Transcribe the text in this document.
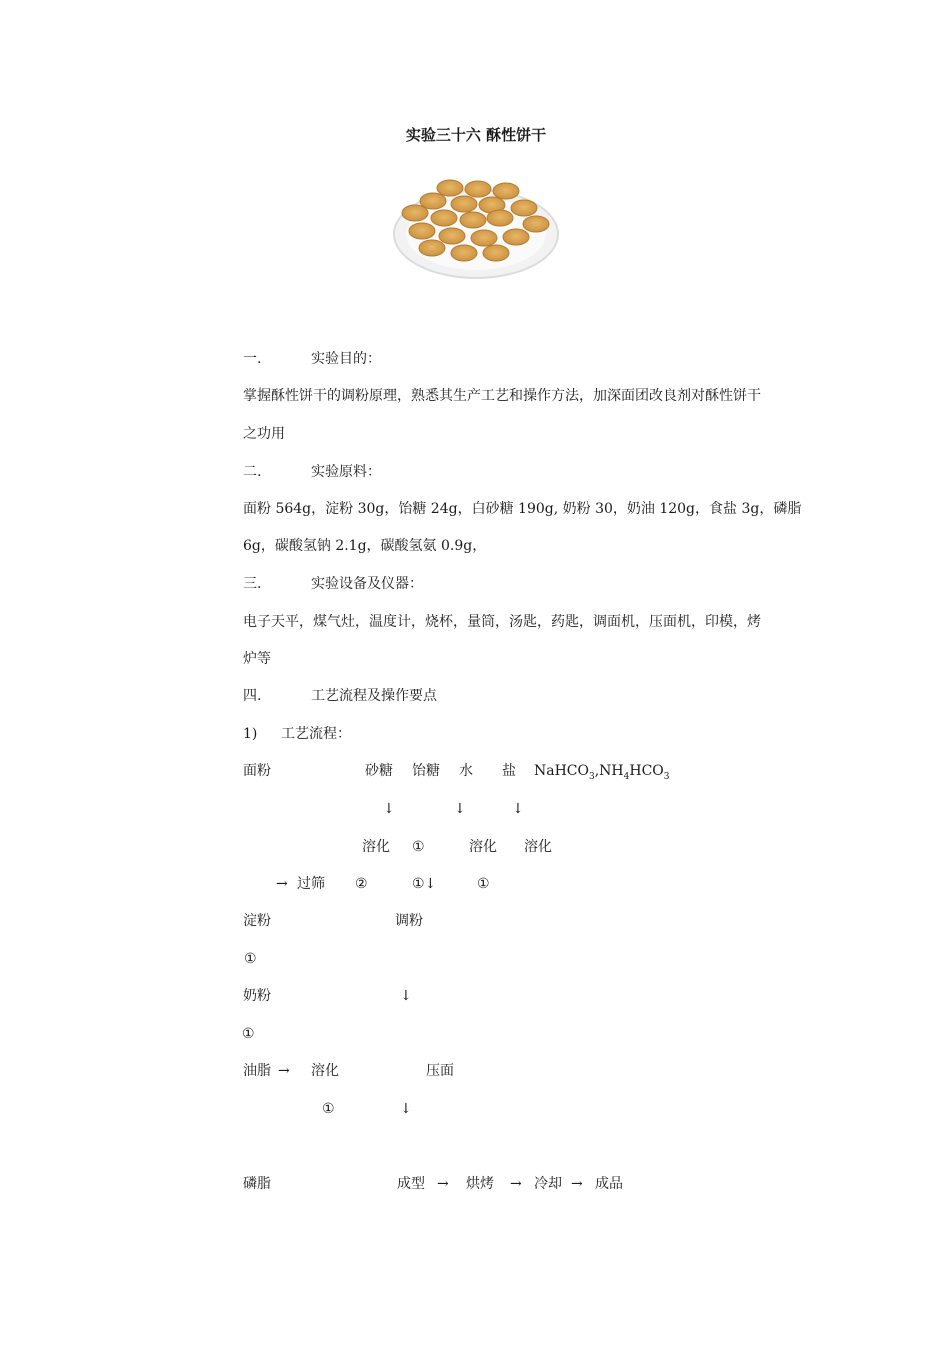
实验三十六 酥性饼干
一.	实验目的：
掌握酥性饼干的调粉原理，熟悉其生产工艺和操作方法，加深面团改良剂对酥性饼干
之功用
二.	实验原料：
面粉 564g，淀粉 30g，饴糖 24g，白砂糖 190g, 奶粉 30，奶油 120g，食盐 3g，磷脂
6g，碳酸氢钠 2.1g，碳酸氢氨 0.9g，
三.	实验设备及仪器：
电子天平，煤气灶，温度计，烧杯，量筒，汤匙，药匙，调面机，压面机，印模，烤
炉等
四.	工艺流程及操作要点
1) 工艺流程：
面粉	砂糖 饴糖 水 盐 $NaHCO_3,NH_4HCO_3$
↓	↓	↓
溶化 ①	溶化 溶化
→ 过筛 ②	①↓	①
淀粉	调粉
①
奶粉	↓
①
油脂 → 溶化	压面
①	↓
磷脂	成型 → 烘烤 → 冷却 → 成品
